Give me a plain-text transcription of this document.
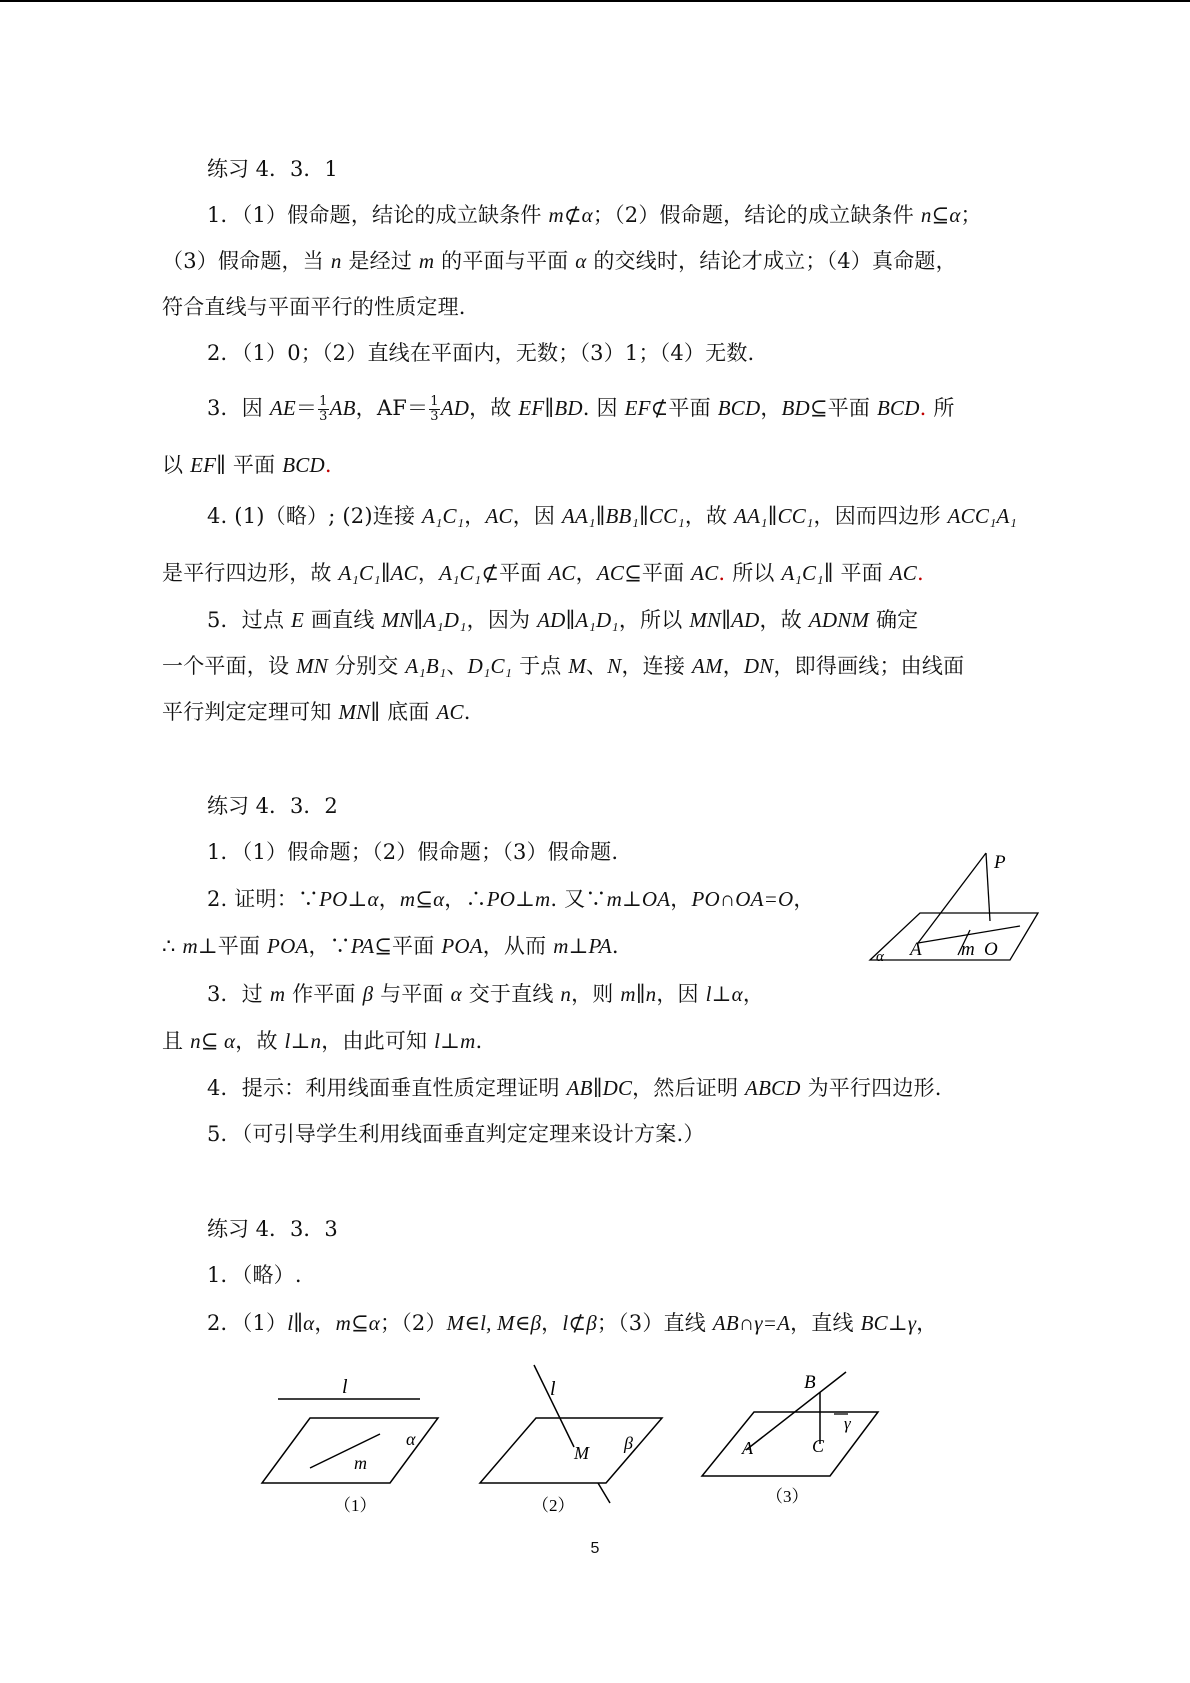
练习 4．3．1
1．（1）假命题，结论的成立缺条件 m⊄α；（2）假命题，结论的成立缺条件 n⊆α；
（3）假命题，当 n 是经过 m 的平面与平面 α 的交线时，结论才成立；（4）真命题，
符合直线与平面平行的性质定理.
2．（1）0；（2）直线在平面内，无数；（3）1；（4）无数.
3．因 $AE= \frac{1}{3}$ AB，$AF= \frac{1}{3}$ AD，故 EF∥BD. 因 EF⊄平面 BCD，BD⊆平面 BCD. 所
以 EF∥ 平面 BCD.
4. (1)（略）; (2)连接 A₁C₁，AC，因 AA₁∥BB₁∥CC₁，故 AA₁∥CC₁，因而四边形 ACC₁A₁
是平行四边形，故 A₁C₁∥AC，A₁C₁⊄平面 AC，AC⊆平面 AC. 所以 A₁C₁∥ 平面 AC.
5．过点 E 画直线 MN∥A₁D₁，因为 AD∥A₁D₁，所以 MN∥AD，故 ADNM 确定
一个平面，设 MN 分别交 A₁B₁、D₁C₁ 于点 M、N，连接 AM，DN，即得画线；由线面
平行判定定理可知 MN∥ 底面 AC.
练习 4．3．2
1．（1）假命题；（2）假命题；（3）假命题.
2. 证明：∵PO⊥α，m⊆α，∴PO⊥m. 又∵m⊥OA，PO∩OA=O，
∴ m⊥平面 POA，∵PA⊆平面 POA，从而 m⊥PA.
P
A m O
α
3．过 m 作平面 β 与平面 α 交于直线 n，则 m∥n，因 l⊥α，
且 n⊆ α，故 l⊥n，由此可知 l⊥m.
4．提示：利用线面垂直性质定理证明 AB∥DC，然后证明 ABCD 为平行四边形.
5．（可引导学生利用线面垂直判定定理来设计方案.）
练习 4．3．3
1．（略）.
2．（1）l∥α，m⊆α；（2）M∈l, M∈β，l⊄β；（3）直线 AB∩γ=A，直线 BC⊥γ，
l
α
m
（1）
l
β
M
（2）
B
γ
A	C
（3）
5
